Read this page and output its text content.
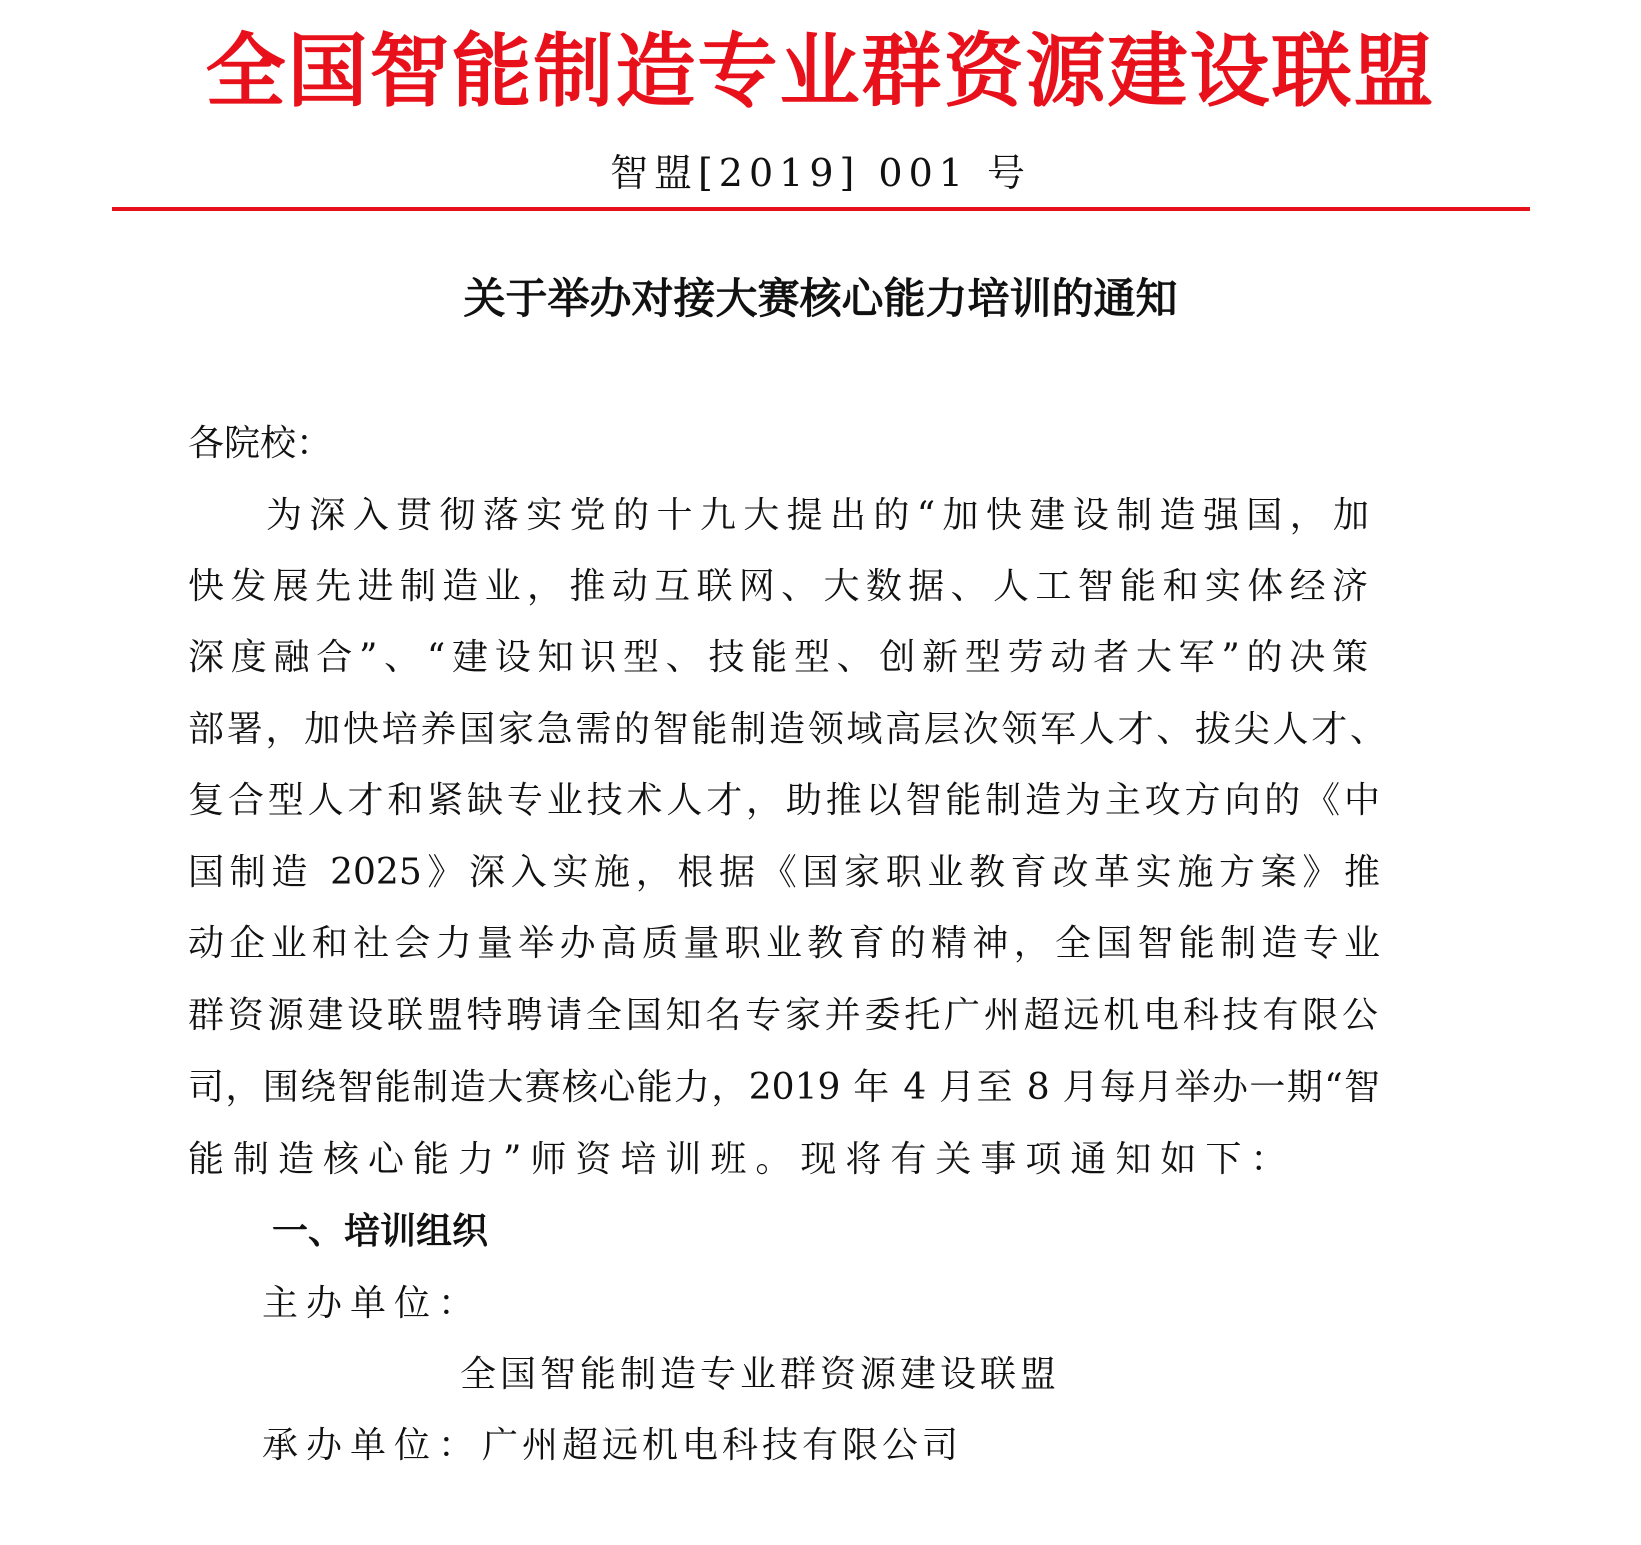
全国智能制造专业群资源建设联盟
智盟[2019] 001 号
关于举办对接大赛核心能力培训的通知
各院校：
为深入贯彻落实党的十九大提出的“加快建设制造强国，加
快发展先进制造业，推动互联网、大数据、人工智能和实体经济
深度融合”、“建设知识型、技能型、创新型劳动者大军”的决策
部署，加快培养国家急需的智能制造领域高层次领军人才、拔尖人才、
复合型人才和紧缺专业技术人才，助推以智能制造为主攻方向的《中
国制造 2025》深入实施，根据《国家职业教育改革实施方案》推
动企业和社会力量举办高质量职业教育的精神，全国智能制造专业
群资源建设联盟特聘请全国知名专家并委托广州超远机电科技有限公
司，围绕智能制造大赛核心能力，2019 年 4 月至 8 月每月举办一期“智
能制造核心能力”师资培训班。现将有关事项通知如下：
一、培训组织
主办单位：
全国智能制造专业群资源建设联盟
承办单位：广州超远机电科技有限公司
